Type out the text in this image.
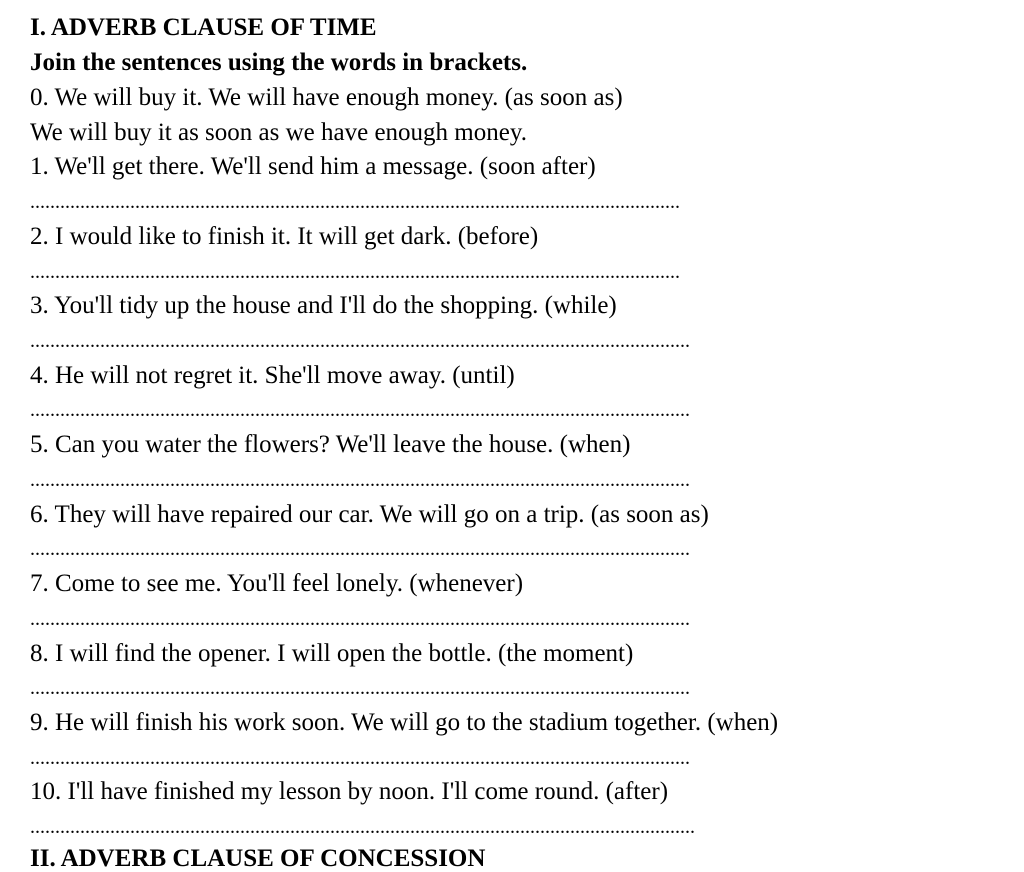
I. ADVERB CLAUSE OF TIME
Join the sentences using the words in brackets.
0. We will buy it. We will have enough money. (as soon as)
We will buy it as soon as we have enough money.
1. We'll get there. We'll send him a message. (soon after)
..................................................................................................................................
2. I would like to finish it. It will get dark. (before)
..................................................................................................................................
3. You'll tidy up the house and I'll do the shopping. (while)
....................................................................................................................................
4. He will not regret it. She'll move away. (until)
....................................................................................................................................
5. Can you water the flowers? We'll leave the house. (when)
....................................................................................................................................
6. They will have repaired our car. We will go on a trip. (as soon as)
....................................................................................................................................
7. Come to see me. You'll feel lonely. (whenever)
....................................................................................................................................
8. I will find the opener. I will open the bottle. (the moment)
....................................................................................................................................
9. He will finish his work soon. We will go to the stadium together. (when)
....................................................................................................................................
10. I'll have finished my lesson by noon. I'll come round. (after)
.....................................................................................................................................
II. ADVERB CLAUSE OF CONCESSION
